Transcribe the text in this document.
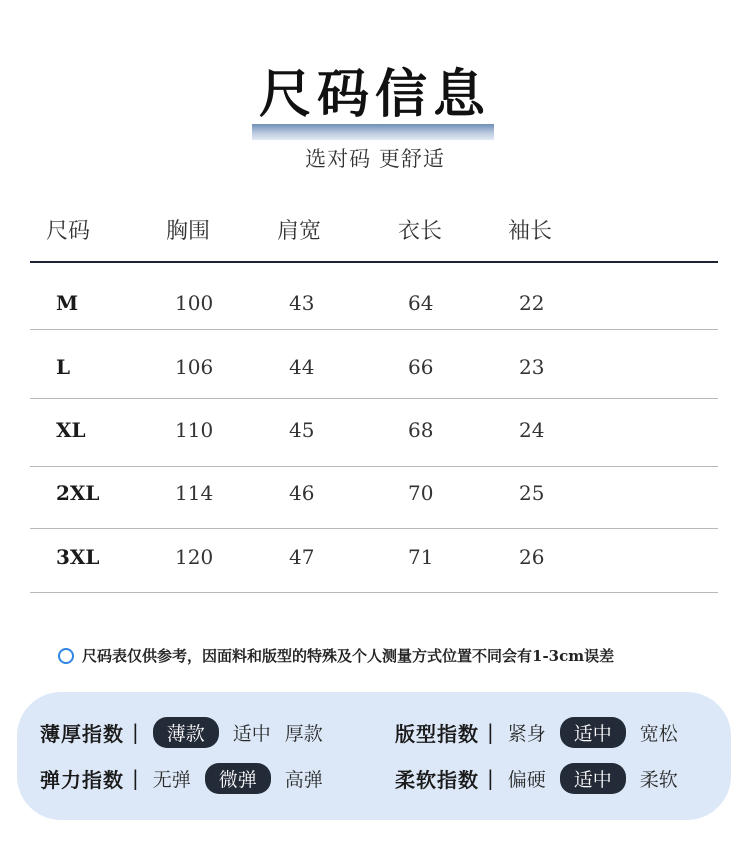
尺码信息
选对码 更舒适
尺码	胸围	肩宽	衣长	袖长
M	100	43	64	22
L	106	44	66	23
XL	110	45	68	24
2XL	114	46	70	25
3XL	120	47	71	26
尺码表仅供参考，因面料和版型的特殊及个人测量方式位置不同会有1-3cm误差
薄厚指数 |	薄款	适中 厚款	版型指数 | 紧身	适中	宽松
弹力指数 | 无弹	微弹	高弹	柔软指数 | 偏硬	适中	柔软
